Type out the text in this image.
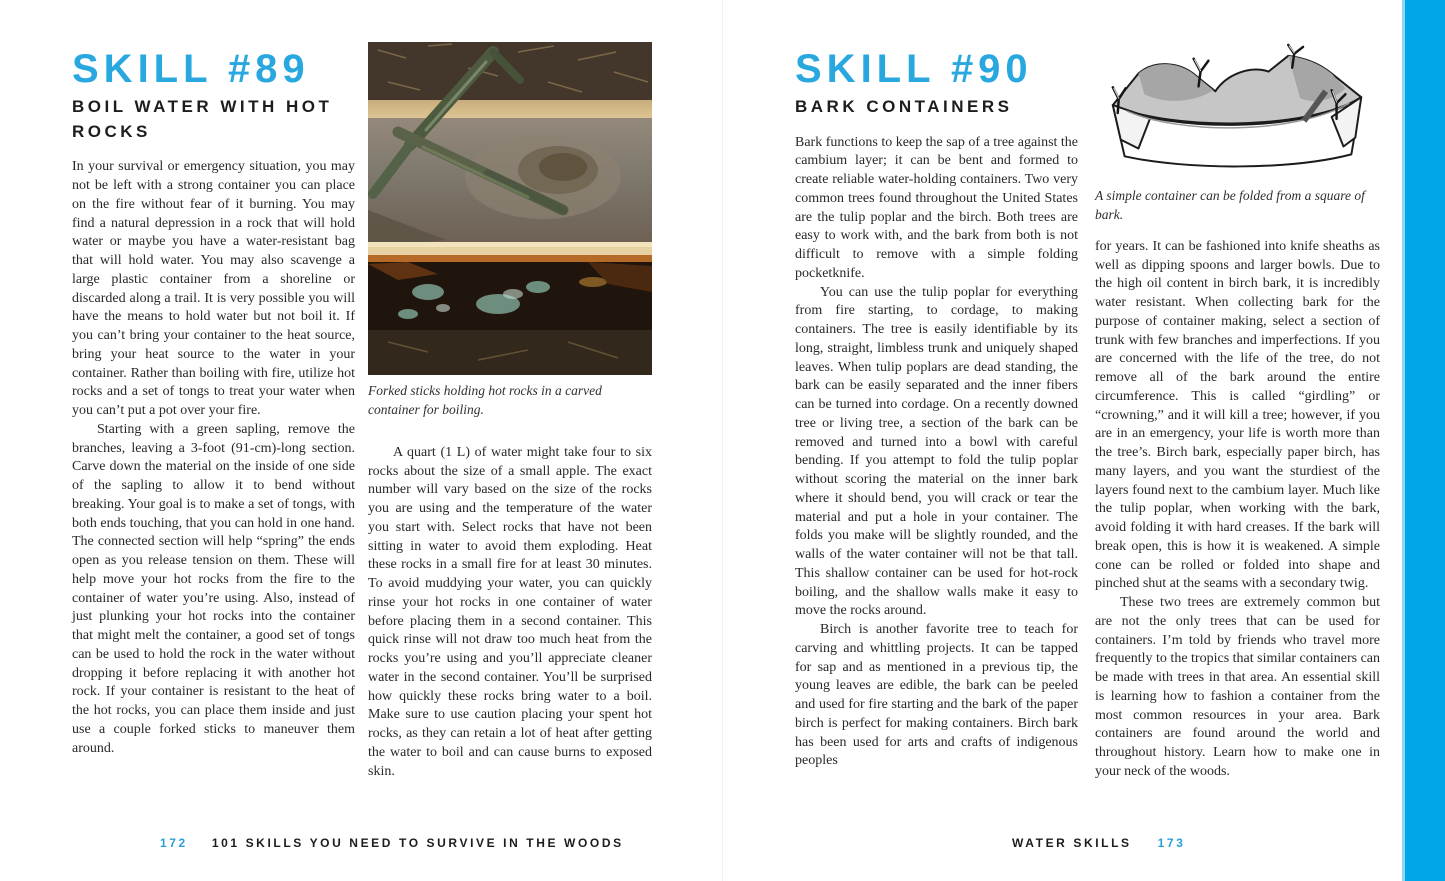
SKILL #89
BOIL WATER WITH HOT ROCKS

In your survival or emergency situation, you may not be left with a strong container you can place on the fire without fear of it burning. You may find a natural depression in a rock that will hold water or maybe you have a water-resistant bag that will hold water. You may also scavenge a large plastic container from a shoreline or discarded along a trail. It is very possible you will have the means to hold water but not boil it. If you can’t bring your container to the heat source, bring your heat source to the water in your container. Rather than boiling with fire, utilize hot rocks and a set of tongs to treat your water when you can’t put a pot over your fire.

Starting with a green sapling, remove the branches, leaving a 3-foot (91-cm)-long section. Carve down the material on the inside of one side of the sapling to allow it to bend without breaking. Your goal is to make a set of tongs, with both ends touching, that you can hold in one hand. The connected section will help “spring” the ends open as you release tension on them. These will help move your hot rocks from the fire to the container of water you’re using. Also, instead of just plunking your hot rocks into the container that might melt the container, a good set of tongs can be used to hold the rock in the water without dropping it before replacing it with another hot rock. If your container is resistant to the heat of the hot rocks, you can place them inside and just use a couple forked sticks to maneuver them around.

Forked sticks holding hot rocks in a carved container for boiling.

A quart (1 L) of water might take four to six rocks about the size of a small apple. The exact number will vary based on the size of the rocks you are using and the temperature of the water you start with. Select rocks that have not been sitting in water to avoid them exploding. Heat these rocks in a small fire for at least 30 minutes. To avoid muddying your water, you can quickly rinse your hot rocks in one container of water before placing them in a second container. This quick rinse will not draw too much heat from the rocks you’re using and you’ll appreciate cleaner water in the second container. You’ll be surprised how quickly these rocks bring water to a boil. Make sure to use caution placing your spent hot rocks, as they can retain a lot of heat after getting the water to boil and can cause burns to exposed skin.

SKILL #90
BARK CONTAINERS

Bark functions to keep the sap of a tree against the cambium layer; it can be bent and formed to create reliable water-holding containers. Two very common trees found throughout the United States are the tulip poplar and the birch. Both trees are easy to work with, and the bark from both is not difficult to remove with a simple folding pocketknife.

You can use the tulip poplar for everything from fire starting, to cordage, to making containers. The tree is easily identifiable by its long, straight, limbless trunk and uniquely shaped leaves. When tulip poplars are dead standing, the bark can be easily separated and the inner fibers can be turned into cordage. On a recently downed tree or living tree, a section of the bark can be removed and turned into a bowl with careful bending. If you attempt to fold the tulip poplar without scoring the material on the inner bark where it should bend, you will crack or tear the material and put a hole in your container. The folds you make will be slightly rounded, and the walls of the water container will not be that tall. This shallow container can be used for hot-rock boiling, and the shallow walls make it easy to move the rocks around.

Birch is another favorite tree to teach for carving and whittling projects. It can be tapped for sap and as mentioned in a previous tip, the young leaves are edible, the bark can be peeled and used for fire starting and the bark of the paper birch is perfect for making containers. Birch bark has been used for arts and crafts of indigenous peoples

A simple container can be folded from a square of bark.

for years. It can be fashioned into knife sheaths as well as dipping spoons and larger bowls. Due to the high oil content in birch bark, it is incredibly water resistant. When collecting bark for the purpose of container making, select a section of trunk with few branches and imperfections. If you are concerned with the life of the tree, do not remove all of the bark around the entire circumference. This is called “girdling” or “crowning,” and it will kill a tree; however, if you are in an emergency, your life is worth more than the tree’s. Birch bark, especially paper birch, has many layers, and you want the sturdiest of the layers found next to the cambium layer. Much like the tulip poplar, when working with the bark, avoid folding it with hard creases. If the bark will break open, this is how it is weakened. A simple cone can be rolled or folded into shape and pinched shut at the seams with a secondary twig.

These two trees are extremely common but are not the only trees that can be used for containers. I’m told by friends who travel more frequently to the tropics that similar containers can be made with trees in that area. An essential skill is learning how to fashion a container from the most common resources in your area. Bark containers are found around the world and throughout history. Learn how to make one in your neck of the woods.

172 101 SKILLS YOU NEED TO SURVIVE IN THE WOODS	WATER SKILLS 173
